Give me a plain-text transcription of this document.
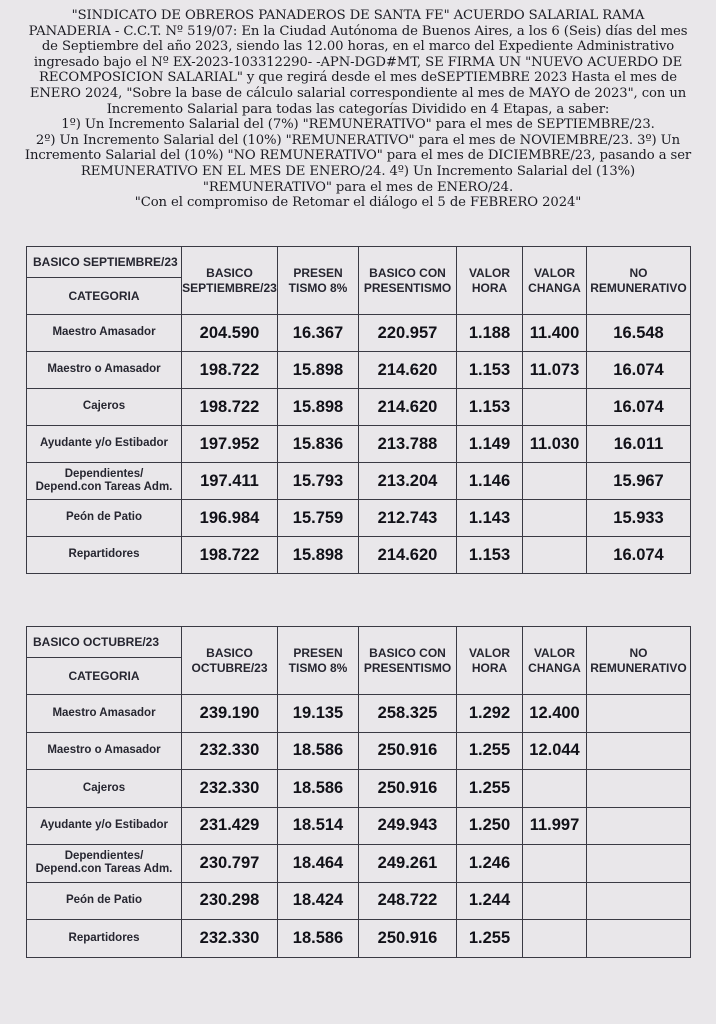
"SINDICATO DE OBREROS PANADEROS DE SANTA FE" ACUERDO SALARIAL RAMA

PANADERIA - C.C.T. Nº 519/07: En la Ciudad Autónoma de Buenos Aires, a los 6 (Seis) días del mes

de Septiembre del año 2023, siendo las 12.00 horas, en el marco del Expediente Administrativo

ingresado bajo el Nº EX-2023-103312290- -APN-DGD#MT, SE FIRMA UN "NUEVO ACUERDO DE

RECOMPOSICION SALARIAL" y que regirá desde el mes deSEPTIEMBRE 2023 Hasta el mes de

ENERO 2024, "Sobre la base de cálculo salarial correspondiente al mes de MAYO de 2023", con un

Incremento Salarial para todas las categorías Dividido en 4 Etapas, a saber:

1º) Un Incremento Salarial del (7%) "REMUNERATIVO" para el mes de SEPTIEMBRE/23.

2º) Un Incremento Salarial del (10%) "REMUNERATIVO" para el mes de NOVIEMBRE/23. 3º) Un

Incremento Salarial del (10%) "NO REMUNERATIVO" para el mes de DICIEMBRE/23, pasando a ser

REMUNERATIVO EN EL MES DE ENERO/24. 4º) Un Incremento Salarial del (13%)

"REMUNERATIVO" para el mes de ENERO/24.

"Con el compromiso de Retomar el diálogo el 5 de FEBRERO 2024"

BASICO SEPTIEMBRE/23	BASICO
SEPTIEMBRE/23	PRESEN
TISMO 8%	BASICO CON
PRESENTISMO	VALOR
HORA	VALOR
CHANGA	NO
REMUNERATIVO
CATEGORIA						
Maestro Amasador	204.590	16.367	220.957	1.188	11.400	16.548
Maestro o Amasador	198.722	15.898	214.620	1.153	11.073	16.074
Cajeros	198.722	15.898	214.620	1.153		16.074
Ayudante y/o Estibador	197.952	15.836	213.788	1.149	11.030	16.011
Dependientes/
Depend.con Tareas Adm.	197.411	15.793	213.204	1.146		15.967
Peón de Patio	196.984	15.759	212.743	1.143		15.933
Repartidores	198.722	15.898	214.620	1.153		16.074
BASICO OCTUBRE/23	BASICO
OCTUBRE/23	PRESEN
TISMO 8%	BASICO CON
PRESENTISMO	VALOR
HORA	VALOR
CHANGA	NO
REMUNERATIVO
CATEGORIA						
Maestro Amasador	239.190	19.135	258.325	1.292	12.400	
Maestro o Amasador	232.330	18.586	250.916	1.255	12.044	
Cajeros	232.330	18.586	250.916	1.255		
Ayudante y/o Estibador	231.429	18.514	249.943	1.250	11.997	
Dependientes/
Depend.con Tareas Adm.	230.797	18.464	249.261	1.246		
Peón de Patio	230.298	18.424	248.722	1.244		
Repartidores	232.330	18.586	250.916	1.255		
